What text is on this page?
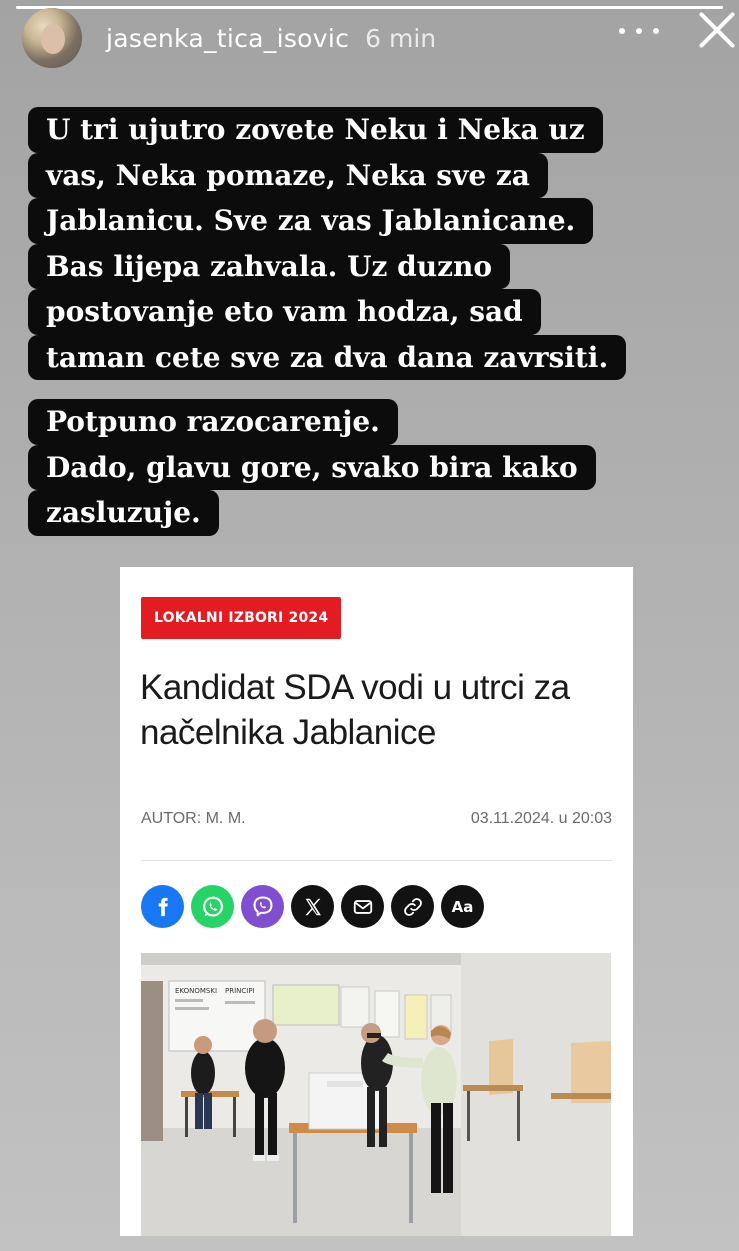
jasenka_tica_isovic 6 min
U tri ujutro zovete Neku i Neka uz
vas, Neka pomaze, Neka sve za
Jablanicu. Sve za vas Jablanicane.
Bas lijepa zahvala. Uz duzno
postovanje eto vam hodza, sad
taman cete sve za dva dana zavrsiti.
Potpuno razocarenje.
Dado, glavu gore, svako bira kako
zasluzuje.
LOKALNI IZBORI 2024
Kandidat SDA vodi u utrci za načelnika Jablanice
AUTOR: M. M.	03.11.2024. u 20:03
Aa
EKONOMSKI PRINCIPI
